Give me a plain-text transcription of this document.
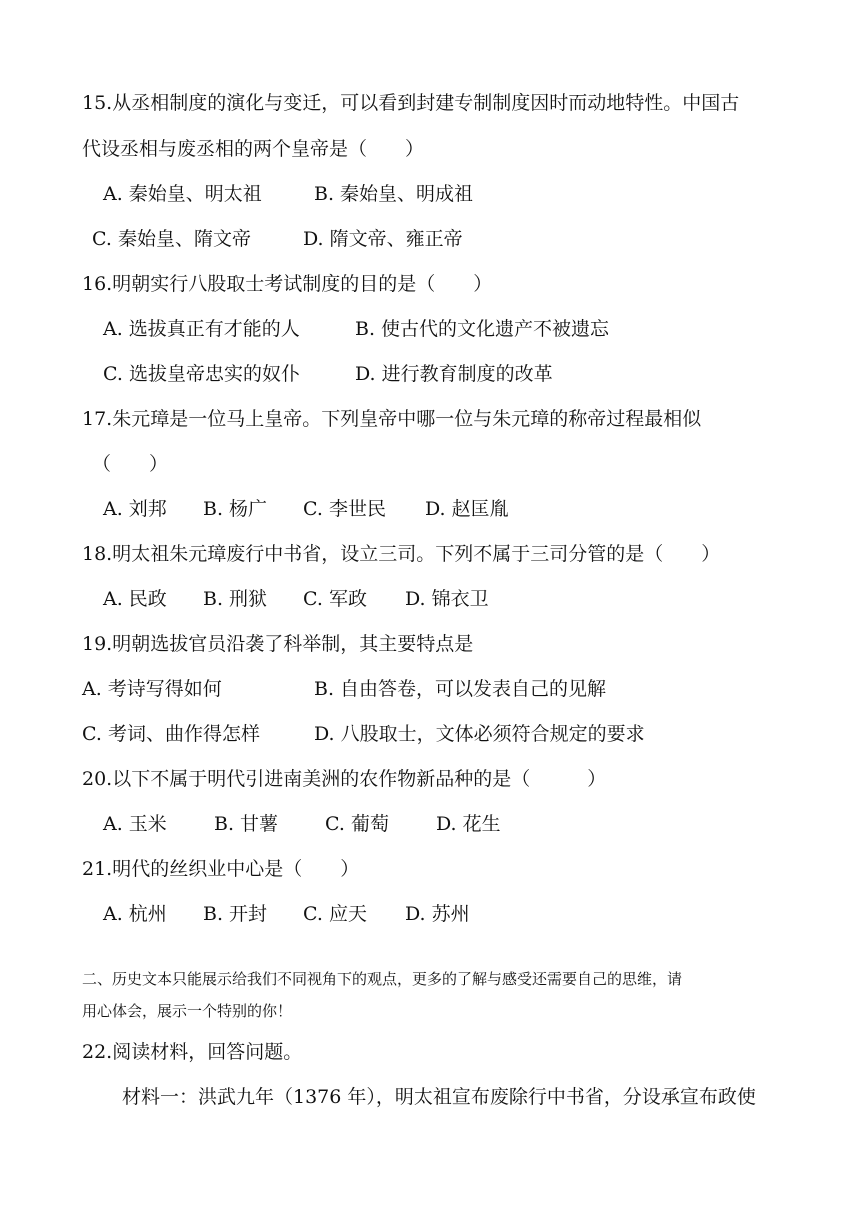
15.从丞相制度的演化与变迁，可以看到封建专制制度因时而动地特性。中国古
代设丞相与废丞相的两个皇帝是（　　）
A. 秦始皇、明太祖	B. 秦始皇、明成祖
C. 秦始皇、隋文帝	D. 隋文帝、雍正帝
16.明朝实行八股取士考试制度的目的是（　　）
A. 选拔真正有才能的人	B. 使古代的文化遗产不被遗忘
C. 选拔皇帝忠实的奴仆	D. 进行教育制度的改革
17.朱元璋是一位马上皇帝。下列皇帝中哪一位与朱元璋的称帝过程最相似
（　　）
A. 刘邦 B. 杨广 C. 李世民 D. 赵匡胤
18.明太祖朱元璋废行中书省，设立三司。下列不属于三司分管的是（　　）
A. 民政 B. 刑狱 C. 军政 D. 锦衣卫
19.明朝选拔官员沿袭了科举制，其主要特点是
A. 考诗写得如何	B. 自由答卷，可以发表自己的见解
C. 考词、曲作得怎样	D. 八股取士，文体必须符合规定的要求
20.以下不属于明代引进南美洲的农作物新品种的是（　　　）
A. 玉米 B. 甘薯 C. 葡萄 D. 花生
21.明代的丝织业中心是（　　）
A. 杭州 B. 开封 C. 应天 D. 苏州
二、历史文本只能展示给我们不同视角下的观点，更多的了解与感受还需要自己的思维，请
用心体会，展示一个特别的你！
22.阅读材料，回答问题。
材料一：洪武九年（1376 年），明太祖宣布废除行中书省，分设承宣布政使
